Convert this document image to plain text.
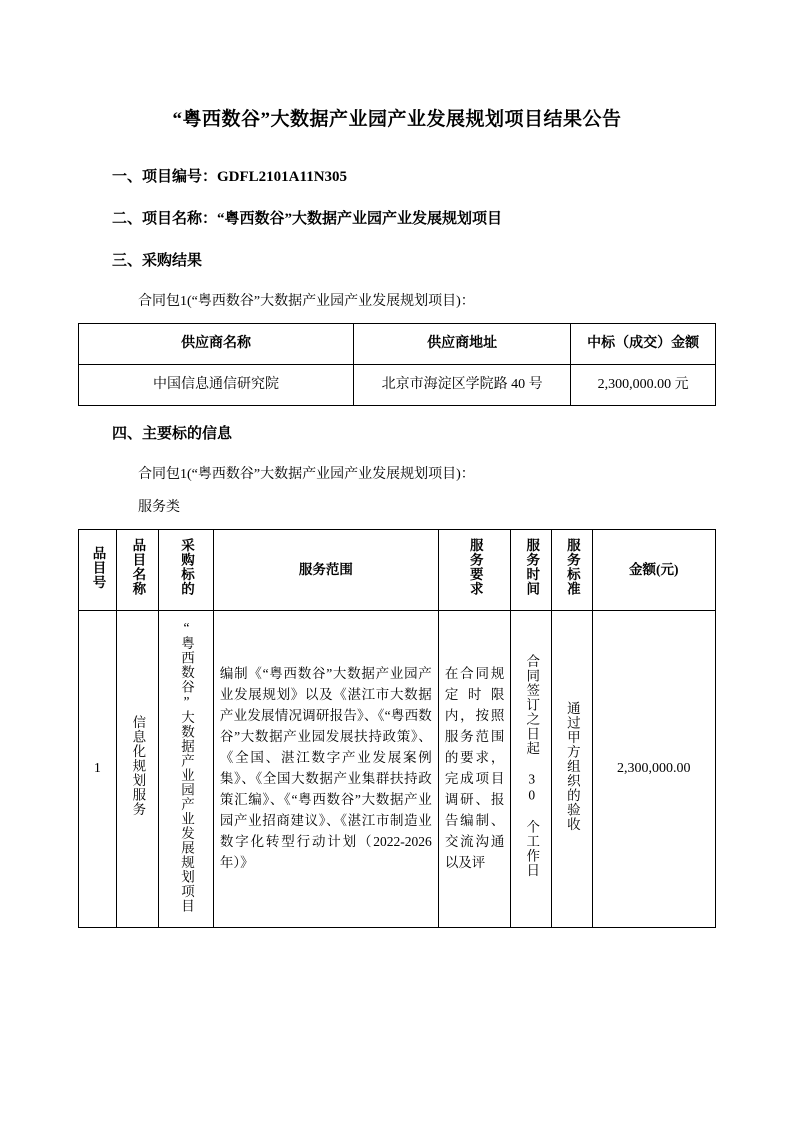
“粤西数谷”大数据产业园产业发展规划项目结果公告
一、项目编号：GDFL2101A11N305
二、项目名称：“粤西数谷”大数据产业园产业发展规划项目
三、采购结果
合同包1(“粤西数谷”大数据产业园产业发展规划项目)：
供应商名称	供应商地址	中标（成交）金额
中国信息通信研究院	北京市海淀区学院路 40 号	2,300,000.00 元
四、主要标的信息
合同包1(“粤西数谷”大数据产业园产业发展规划项目)：
服务类
品目号	品目名称	采购标的	服务范围	服务要求	服务时间	服务标准	金额(元)
1	信息化规划服务	“粤西数谷”大数据产业园产业发展规划项目	编制《“粤西数谷”大数据产业园产业发展规划》以及《湛江市大数据产业发展情况调研报告》、《“粤西数谷”大数据产业园发展扶持政策》、《全国、湛江数字产业发展案例集》、《全国大数据产业集群扶持政策汇编》、《“粤西数谷”大数据产业园产业招商建议》、《湛江市制造业数字化转型行动计划（2022-2026 年）》	在合同规定时限内，按照服务范围的要求，完成项目调研、报告编制、交流沟通以及评	合同签订之日起 30 个工作日	通过甲方组织的验收	2,300,000.00
